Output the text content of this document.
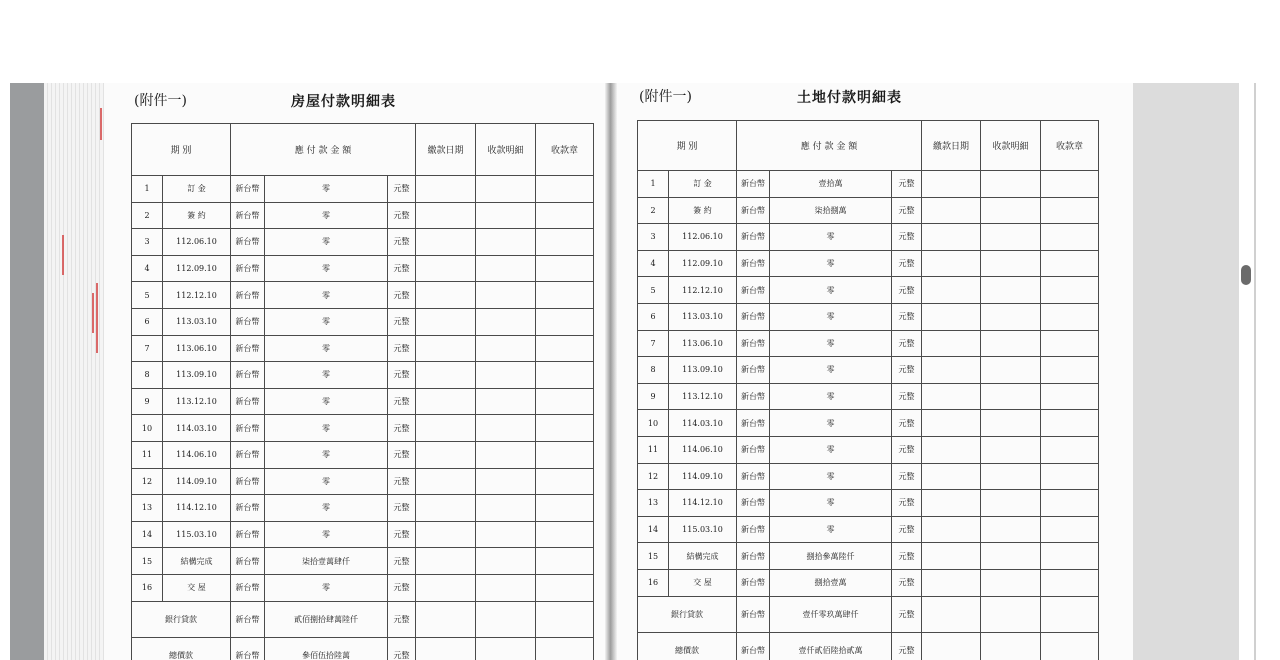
(附件一)	房屋付款明細表
期 別		應 付 款 金 額			繳款日期	收款明細	收款章
1	訂 金	新台幣	零	元整			
2	簽 約	新台幣	零	元整			
3	112.06.10	新台幣	零	元整			
4	112.09.10	新台幣	零	元整			
5	112.12.10	新台幣	零	元整			
6	113.03.10	新台幣	零	元整			
7	113.06.10	新台幣	零	元整			
8	113.09.10	新台幣	零	元整			
9	113.12.10	新台幣	零	元整			
10	114.03.10	新台幣	零	元整			
11	114.06.10	新台幣	零	元整			
12	114.09.10	新台幣	零	元整			
13	114.12.10	新台幣	零	元整			
14	115.03.10	新台幣	零	元整			
15	結構完成	新台幣	柒拾壹萬肆仟	元整			
16	交 屋	新台幣	零	元整			
銀行貸款		新台幣	貳佰捌拾肆萬陸仟	元整			
總價款		新台幣	參佰伍拾陸萬	元整			
(附件一)	土地付款明細表
期 別		應 付 款 金 額			繳款日期	收款明細	收款章
1	訂 金	新台幣	壹拾萬	元整			
2	簽 約	新台幣	柒拾捌萬	元整			
3	112.06.10	新台幣	零	元整			
4	112.09.10	新台幣	零	元整			
5	112.12.10	新台幣	零	元整			
6	113.03.10	新台幣	零	元整			
7	113.06.10	新台幣	零	元整			
8	113.09.10	新台幣	零	元整			
9	113.12.10	新台幣	零	元整			
10	114.03.10	新台幣	零	元整			
11	114.06.10	新台幣	零	元整			
12	114.09.10	新台幣	零	元整			
13	114.12.10	新台幣	零	元整			
14	115.03.10	新台幣	零	元整			
15	結構完成	新台幣	捌拾參萬陸仟	元整			
16	交 屋	新台幣	捌拾壹萬	元整			
銀行貸款		新台幣	壹仟零玖萬肆仟	元整			
總價款		新台幣	壹仟貳佰陸拾貳萬	元整			
